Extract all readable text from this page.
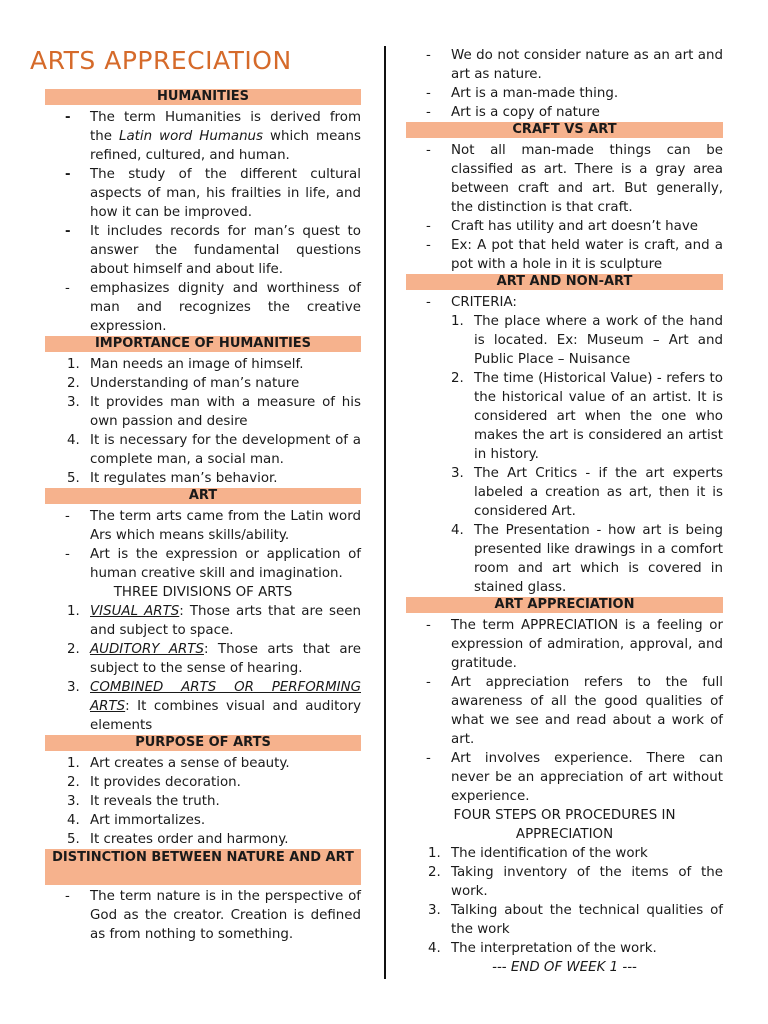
ARTS APPRECIATION
HUMANITIES
- The term Humanities is derived from the Latin word Humanus which means refined, cultured, and human.
- The study of the different cultural aspects of man, his frailties in life, and how it can be improved.
- It includes records for man’s quest to answer the fundamental questions about himself and about life.
- emphasizes dignity and worthiness of man and recognizes the creative expression.
IMPORTANCE OF HUMANITIES
1. Man needs an image of himself.
2. Understanding of man’s nature
3. It provides man with a measure of his own passion and desire
4. It is necessary for the development of a complete man, a social man.
5. It regulates man’s behavior.
ART
- The term arts came from the Latin word Ars which means skills/ability.
- Art is the expression or application of human creative skill and imagination.
THREE DIVISIONS OF ARTS
1. VISUAL ARTS: Those arts that are seen and subject to space.
2. AUDITORY ARTS: Those arts that are subject to the sense of hearing.
3. COMBINED ARTS OR PERFORMING ARTS: It combines visual and auditory elements
PURPOSE OF ARTS
1. Art creates a sense of beauty.
2. It provides decoration.
3. It reveals the truth.
4. Art immortalizes.
5. It creates order and harmony.
DISTINCTION BETWEEN NATURE AND ART
- The term nature is in the perspective of God as the creator. Creation is defined as from nothing to something.
- We do not consider nature as an art and art as nature.
- Art is a man-made thing.
- Art is a copy of nature
CRAFT VS ART
- Not all man-made things can be classified as art. There is a gray area between craft and art. But generally, the distinction is that craft.
- Craft has utility and art doesn’t have
- Ex: A pot that held water is craft, and a pot with a hole in it is sculpture
ART AND NON-ART
- CRITERIA:
1. The place where a work of the hand is located. Ex: Museum – Art and Public Place – Nuisance
2. The time (Historical Value) - refers to the historical value of an artist. It is considered art when the one who makes the art is considered an artist in history.
3. The Art Critics - if the art experts labeled a creation as art, then it is considered Art.
4. The Presentation - how art is being presented like drawings in a comfort room and art which is covered in stained glass.
ART APPRECIATION
- The term APPRECIATION is a feeling or expression of admiration, approval, and gratitude.
- Art appreciation refers to the full awareness of all the good qualities of what we see and read about a work of art.
- Art involves experience. There can never be an appreciation of art without experience.
FOUR STEPS OR PROCEDURES IN
APPRECIATION
1. The identification of the work
2. Taking inventory of the items of the work.
3. Talking about the technical qualities of the work
4. The interpretation of the work.
--- END OF WEEK 1 ---
